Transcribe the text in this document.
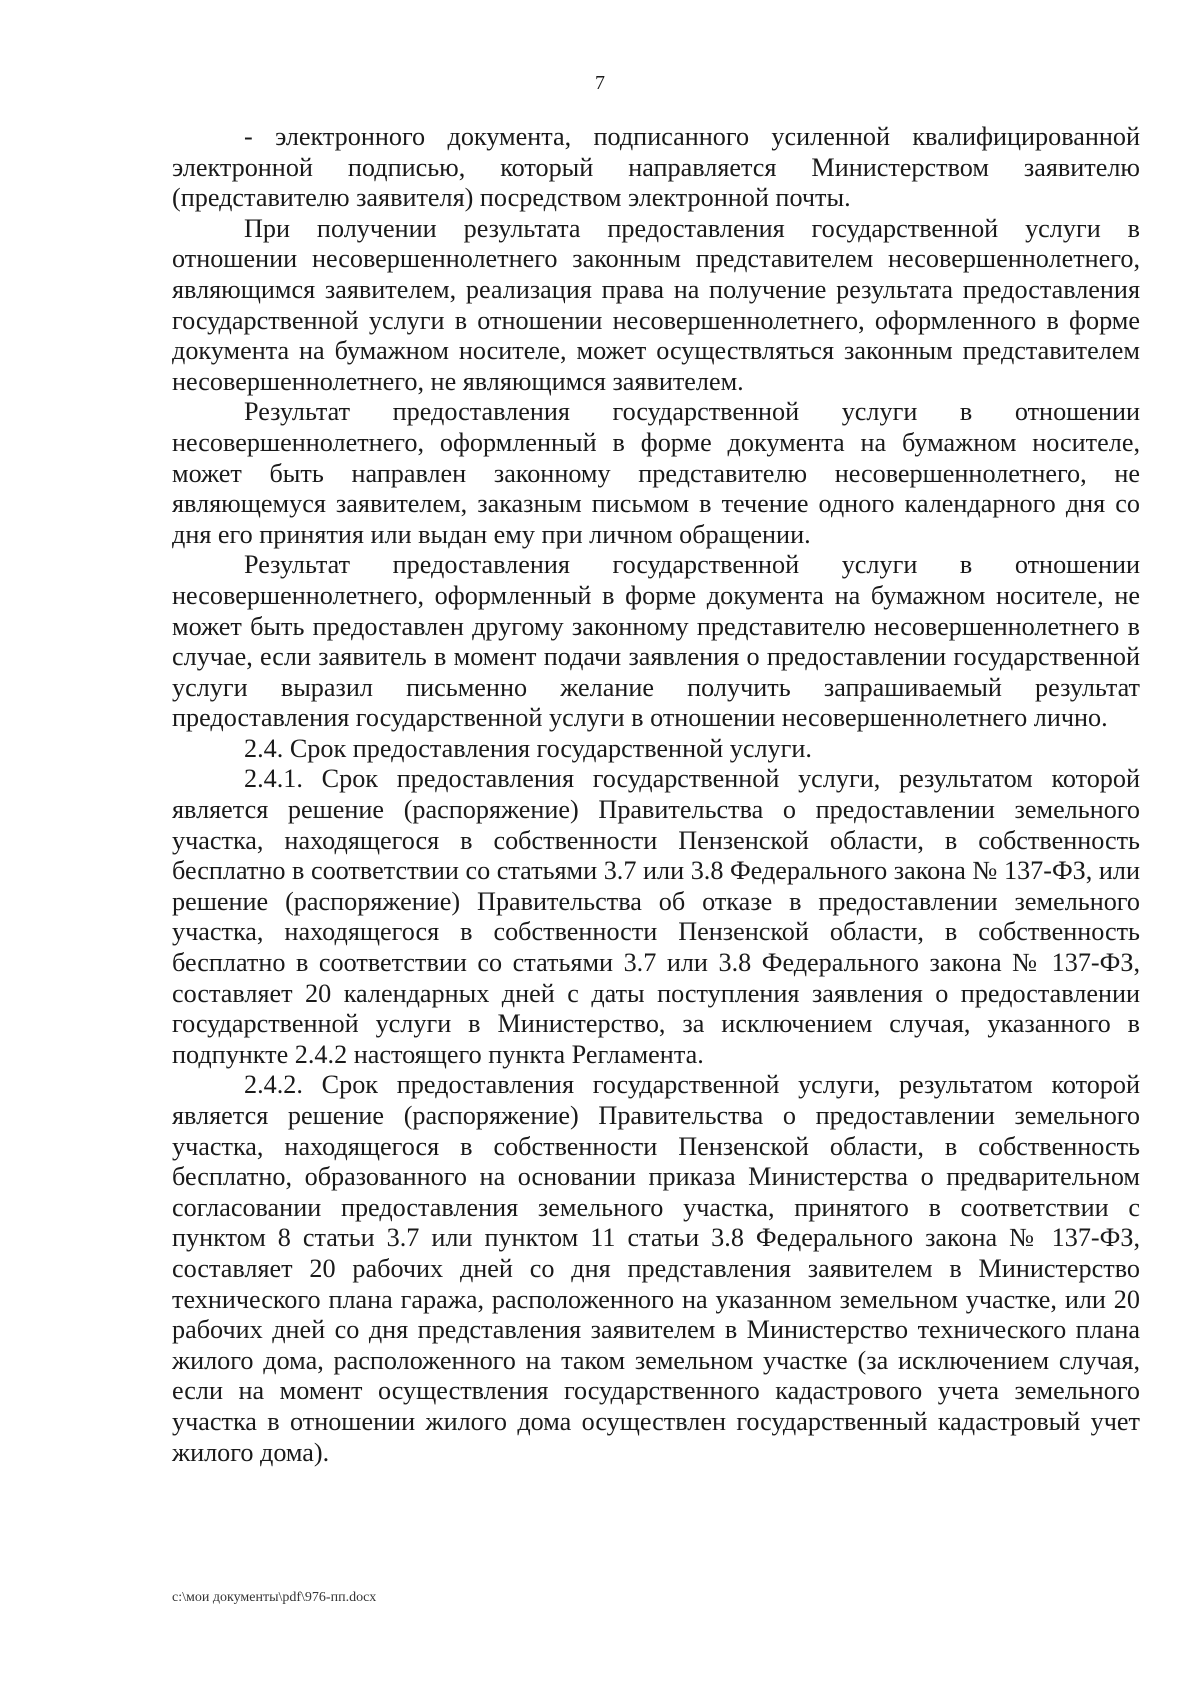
7

- электронного документа, подписанного усиленной квалифицированной электронной подписью, который направляется Министерством заявителю (представителю заявителя) посредством электронной почты.

При получении результата предоставления государственной услуги в отношении несовершеннолетнего законным представителем несовершеннолетнего, являющимся заявителем, реализация права на получение результата предоставления государственной услуги в отношении несовершеннолетнего, оформленного в форме документа на бумажном носителе, может осуществляться законным представителем несовершеннолетнего, не являющимся заявителем.

Результат предоставления государственной услуги в отношении несовершеннолетнего, оформленный в форме документа на бумажном носителе, может быть направлен законному представителю несовершеннолетнего, не являющемуся заявителем, заказным письмом в течение одного календарного дня со дня его принятия или выдан ему при личном обращении.

Результат предоставления государственной услуги в отношении несовершеннолетнего, оформленный в форме документа на бумажном носителе, не может быть предоставлен другому законному представителю несовершеннолетнего в случае, если заявитель в момент подачи заявления о предоставлении государственной услуги выразил письменно желание получить запрашиваемый результат предоставления государственной услуги в отношении несовершеннолетнего лично.

2.4. Срок предоставления государственной услуги.

2.4.1. Срок предоставления государственной услуги, результатом которой является решение (распоряжение) Правительства о предоставлении земельного участка, находящегося в собственности Пензенской области, в собственность бесплатно в соответствии со статьями 3.7 или 3.8 Федерального закона № 137-ФЗ, или решение (распоряжение) Правительства об отказе в предоставлении земельного участка, находящегося в собственности Пензенской области, в собственность бесплатно в соответствии со статьями 3.7 или 3.8 Федерального закона № 137-ФЗ, составляет 20 календарных дней с даты поступления заявления о предоставлении государственной услуги в Министерство, за исключением случая, указанного в подпункте 2.4.2 настоящего пункта Регламента.

2.4.2. Срок предоставления государственной услуги, результатом которой является решение (распоряжение) Правительства о предоставлении земельного участка, находящегося в собственности Пензенской области, в собственность бесплатно, образованного на основании приказа Министерства о предварительном согласовании предоставления земельного участка, принятого в соответствии с пунктом 8 статьи 3.7 или пунктом 11 статьи 3.8 Федерального закона № 137-ФЗ, составляет 20 рабочих дней со дня представления заявителем в Министерство технического плана гаража, расположенного на указанном земельном участке, или 20 рабочих дней со дня представления заявителем в Министерство технического плана жилого дома, расположенного на таком земельном участке (за исключением случая, если на момент осуществления государственного кадастрового учета земельного участка в отношении жилого дома осуществлен государственный кадастровый учет жилого дома).

c:\мои документы\pdf\976-пп.docx
